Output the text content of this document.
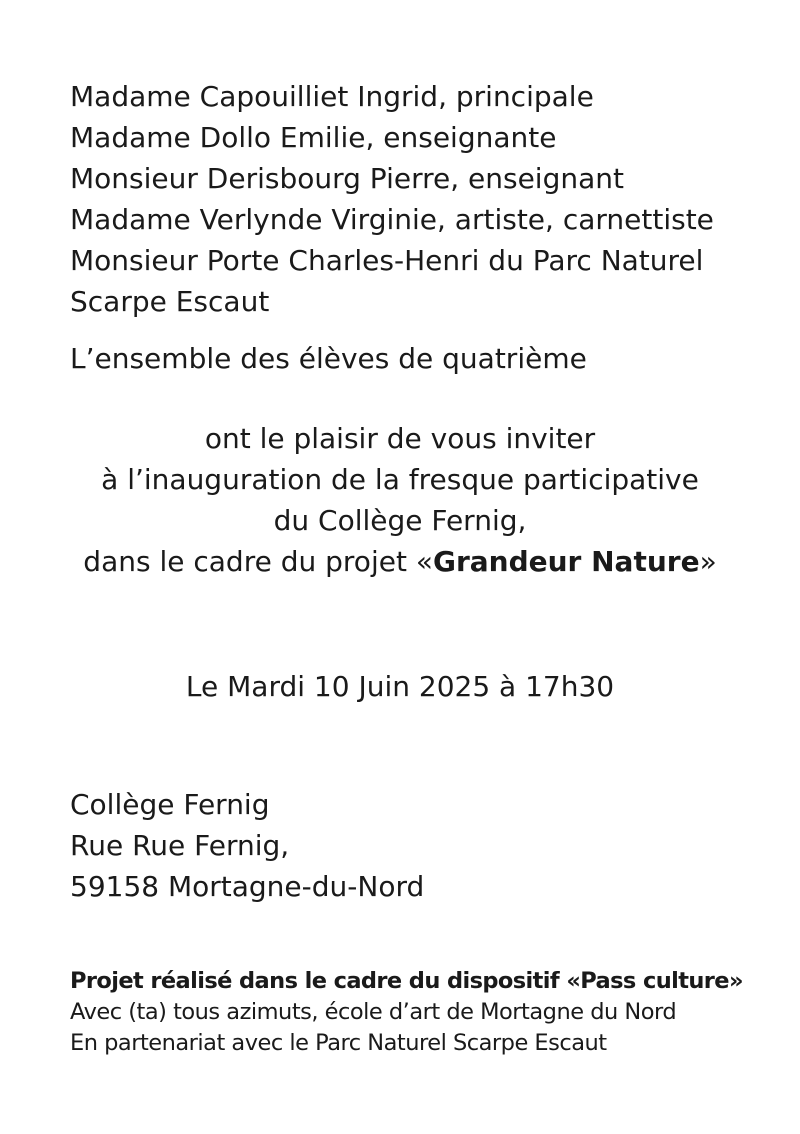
Madame Capouilliet Ingrid, principale
Madame Dollo Emilie, enseignante
Monsieur Derisbourg Pierre, enseignant
Madame Verlynde Virginie, artiste, carnettiste
Monsieur Porte Charles-Henri du Parc Naturel
Scarpe Escaut
L’ensemble des élèves de quatrième
ont le plaisir de vous inviter
à l’inauguration de la fresque participative
du Collège Fernig,
dans le cadre du projet «Grandeur Nature»
Le Mardi 10 Juin 2025 à 17h30
Collège Fernig
Rue Rue Fernig,
59158 Mortagne-du-Nord
Projet réalisé dans le cadre du dispositif «Pass culture»
Avec (ta) tous azimuts, école d’art de Mortagne du Nord
En partenariat avec le Parc Naturel Scarpe Escaut
